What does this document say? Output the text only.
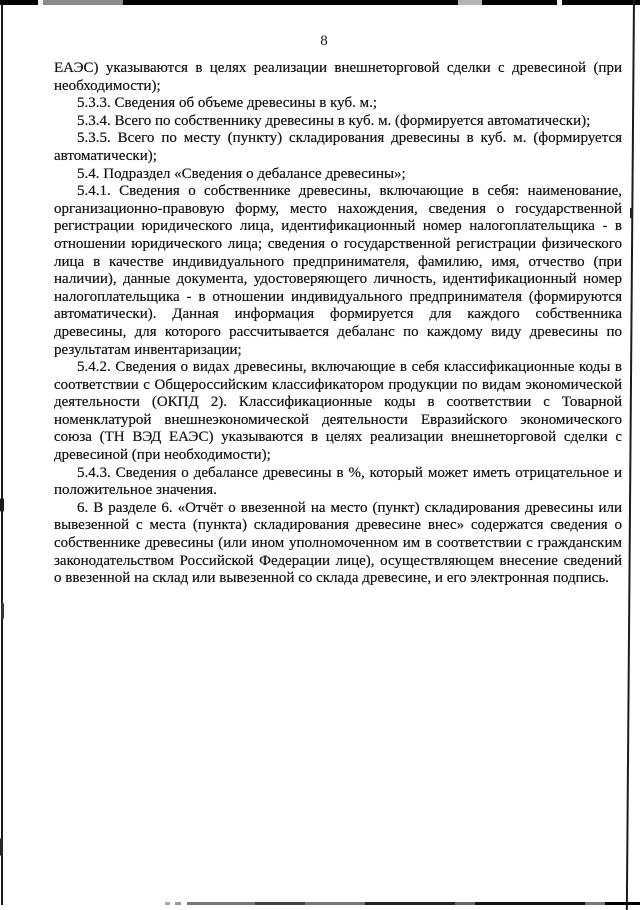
8

ЕАЭС) указываются в целях реализации внешнеторговой сделки с древесиной (при необходимости);

5.3.3. Сведения об объеме древесины в куб. м.;

5.3.4. Всего по собственнику древесины в куб. м. (формируется автоматически);

5.3.5. Всего по месту (пункту) складирования древесины в куб. м. (формируется автоматически);

5.4. Подраздел «Сведения о дебалансе древесины»;

5.4.1. Сведения о собственнике древесины, включающие в себя: наименование, организационно-правовую форму, место нахождения, сведения о государственной регистрации юридического лица, идентификационный номер налогоплательщика - в отношении юридического лица; сведения о государственной регистрации физического лица в качестве индивидуального предпринимателя, фамилию, имя, отчество (при наличии), данные документа, удостоверяющего личность, идентификационный номер налогоплательщика - в отношении индивидуального предпринимателя (формируются автоматически). Данная информация формируется для каждого собственника древесины, для которого рассчитывается дебаланс по каждому виду древесины по результатам инвентаризации;

5.4.2. Сведения о видах древесины, включающие в себя классификационные коды в соответствии с Общероссийским классификатором продукции по видам экономической деятельности (ОКПД 2). Классификационные коды в соответствии с Товарной номенклатурой внешнеэкономической деятельности Евразийского экономического союза (ТН ВЭД ЕАЭС) указываются в целях реализации внешнеторговой сделки с древесиной (при необходимости);

5.4.3. Сведения о дебалансе древесины в %, который может иметь отрицательное и положительное значения.

6. В разделе 6. «Отчёт о ввезенной на место (пункт) складирования древесины или вывезенной с места (пункта) складирования древесине внес» содержатся сведения о собственнике древесины (или ином уполномоченном им в соответствии с гражданским законодательством Российской Федерации лице), осуществляющем внесение сведений о ввезенной на склад или вывезенной со склада древесине, и его электронная подпись.
